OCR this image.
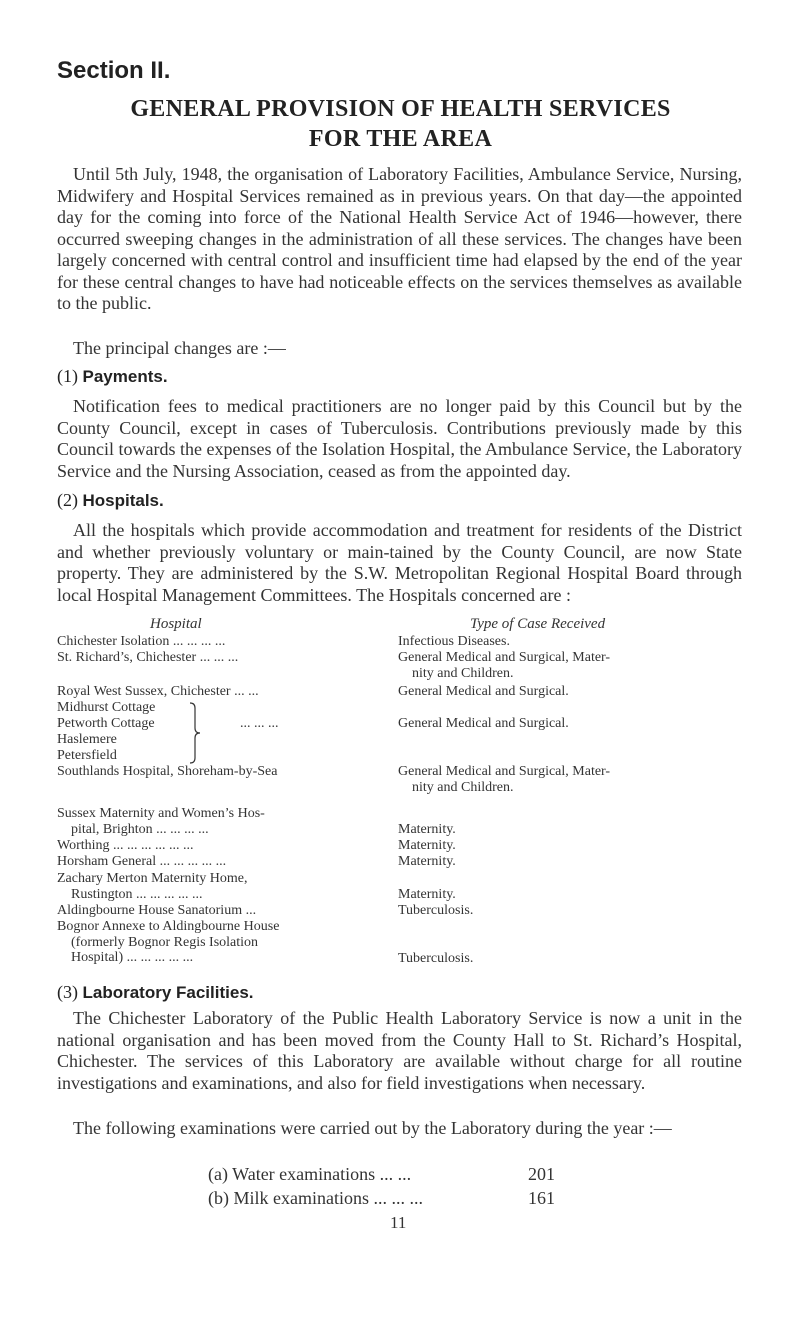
Section II.
GENERAL PROVISION OF HEALTH SERVICES
FOR THE AREA
Until 5th July, 1948, the organisation of Laboratory Facilities, Ambulance Service, Nursing, Midwifery and Hospital Services remained as in previous years. On that day—the appointed day for the coming into force of the National Health Service Act of 1946—however, there occurred sweeping changes in the administration of all these services. The changes have been largely concerned with central control and insufficient time had elapsed by the end of the year for these central changes to have had noticeable effects on the services themselves as available to the public.
The principal changes are :—
(1) Payments.
Notification fees to medical practitioners are no longer paid by this Council but by the County Council, except in cases of Tuberculosis. Contributions previously made by this Council towards the expenses of the Isolation Hospital, the Ambulance Service, the Laboratory Service and the Nursing Association, ceased as from the appointed day.
(2) Hospitals.
All the hospitals which provide accommodation and treatment for residents of the District and whether previously voluntary or main-tained by the County Council, are now State property. They are administered by the S.W. Metropolitan Regional Hospital Board through local Hospital Management Committees. The Hospitals concerned are :
Hospital	Type of Case Received
Chichester Isolation ... ... ... ...	Infectious Diseases.
St. Richard’s, Chichester ... ... ...	General Medical and Surgical, Mater-
nity and Children.
Royal West Sussex, Chichester ... ...	General Medical and Surgical.
Midhurst Cottage
Petworth Cottage
Haslemere
Petersfield
... ... ...	General Medical and Surgical.
Southlands Hospital, Shoreham-by-Sea	General Medical and Surgical, Mater-
nity and Children.
Sussex Maternity and Women’s Hos-
pital, Brighton ... ... ... ...	Maternity.
Worthing ... ... ... ... ... ...	Maternity.
Horsham General ... ... ... ... ...	Maternity.
Zachary Merton Maternity Home,
Rustington ... ... ... ... ...	Maternity.
Aldingbourne House Sanatorium ...	Tuberculosis.
Bognor Annexe to Aldingbourne House
(formerly Bognor Regis Isolation
Hospital) ... ... ... ... ...	Tuberculosis.
(3) Laboratory Facilities.
The Chichester Laboratory of the Public Health Laboratory Service is now a unit in the national organisation and has been moved from the County Hall to St. Richard’s Hospital, Chichester. The services of this Laboratory are available without charge for all routine investigations and examinations, and also for field investigations when necessary.
The following examinations were carried out by the Laboratory during the year :—
(a) Water examinations ... ...	201
(b) Milk examinations ... ... ...	161
11
